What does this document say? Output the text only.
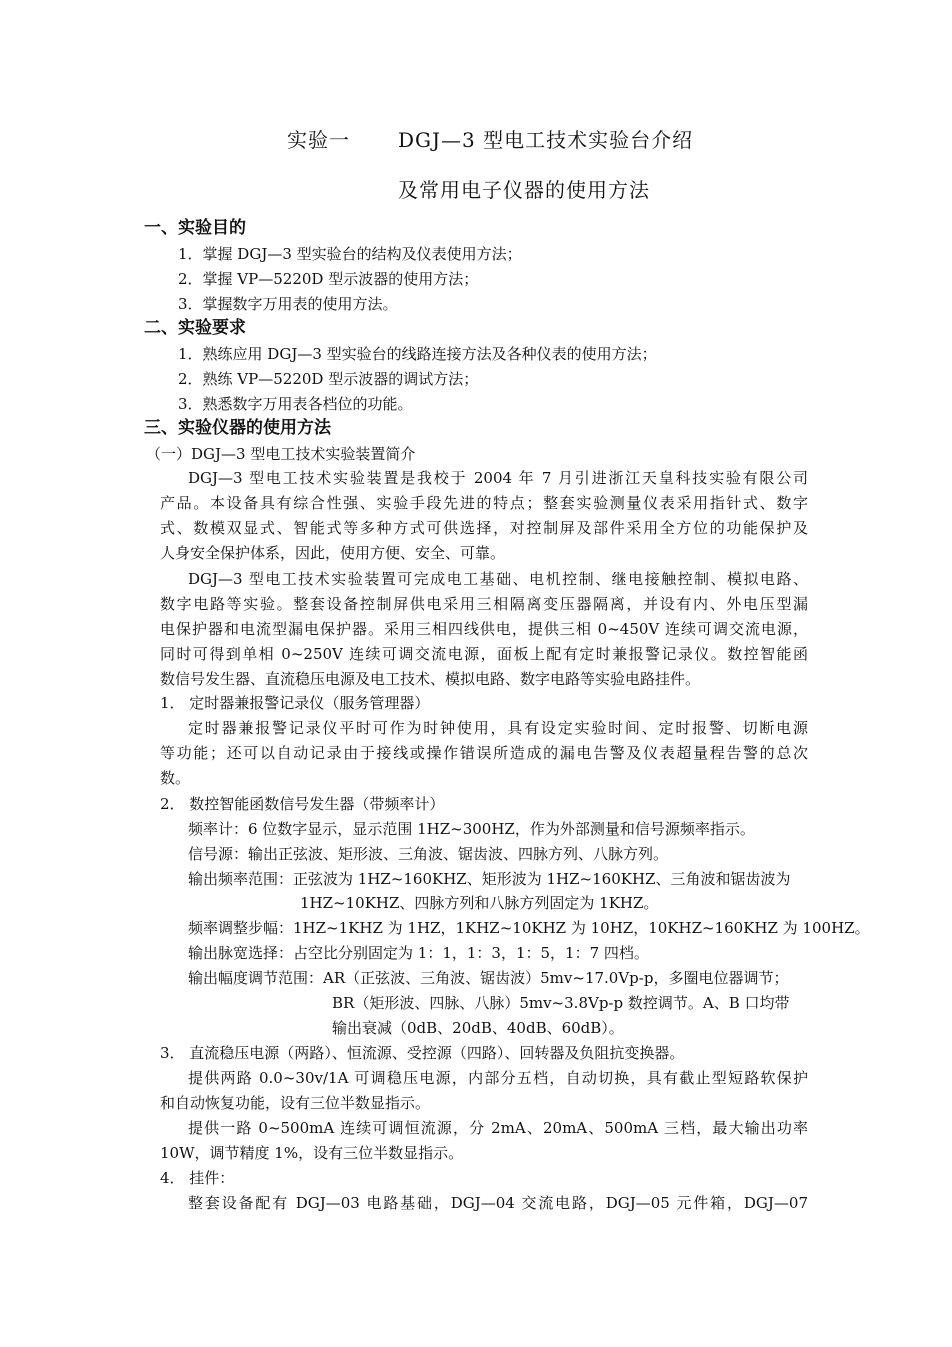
实验一 DGJ—3 型电工技术实验台介绍
及常用电子仪器的使用方法
一、实验目的
1．掌握 DGJ—3 型实验台的结构及仪表使用方法；
2．掌握 VP—5220D 型示波器的使用方法；
3．掌握数字万用表的使用方法。
二、实验要求
1．熟练应用 DGJ—3 型实验台的线路连接方法及各种仪表的使用方法；
2．熟练 VP—5220D 型示波器的调试方法；
3．熟悉数字万用表各档位的功能。
三、实验仪器的使用方法
（一）DGJ—3 型电工技术实验装置简介
DGJ—3 型电工技术实验装置是我校于 2004 年 7 月引进浙江天皇科技实验有限公司
产品。本设备具有综合性强、实验手段先进的特点；整套实验测量仪表采用指针式、数字
式、数模双显式、智能式等多种方式可供选择，对控制屏及部件采用全方位的功能保护及
人身安全保护体系，因此，使用方便、安全、可靠。
DGJ—3 型电工技术实验装置可完成电工基础、电机控制、继电接触控制、模拟电路、
数字电路等实验。整套设备控制屏供电采用三相隔离变压器隔离，并设有内、外电压型漏
电保护器和电流型漏电保护器。采用三相四线供电，提供三相 0~450V 连续可调交流电源，
同时可得到单相 0~250V 连续可调交流电源，面板上配有定时兼报警记录仪。数控智能函
数信号发生器、直流稳压电源及电工技术、模拟电路、数字电路等实验电路挂件。
1． 定时器兼报警记录仪（服务管理器）
定时器兼报警记录仪平时可作为时钟使用，具有设定实验时间、定时报警、切断电源
等功能；还可以自动记录由于接线或操作错误所造成的漏电告警及仪表超量程告警的总次
数。
2． 数控智能函数信号发生器（带频率计）
频率计：6 位数字显示，显示范围 1HZ~300HZ，作为外部测量和信号源频率指示。
信号源：输出正弦波、矩形波、三角波、锯齿波、四脉方列、八脉方列。
输出频率范围：正弦波为 1HZ~160KHZ、矩形波为 1HZ~160KHZ、三角波和锯齿波为
1HZ~10KHZ、四脉方列和八脉方列固定为 1KHZ。
频率调整步幅：1HZ~1KHZ 为 1HZ，1KHZ~10KHZ 为 10HZ，10KHZ~160KHZ 为 100HZ。
输出脉宽选择：占空比分别固定为 1：1，1：3，1：5，1：7 四档。
输出幅度调节范围：AR（正弦波、三角波、锯齿波）5mv~17.0Vp-p，多圈电位器调节；
BR（矩形波、四脉、八脉）5mv~3.8Vp-p 数控调节。A、B 口均带
输出衰减（0dB、20dB、40dB、60dB）。
3． 直流稳压电源（两路）、恒流源、受控源（四路）、回转器及负阻抗变换器。
提供两路 0.0~30v/1A 可调稳压电源，内部分五档，自动切换，具有截止型短路软保护
和自动恢复功能，设有三位半数显指示。
提供一路 0~500mA 连续可调恒流源，分 2mA、20mA、500mA 三档，最大输出功率
10W，调节精度 1%，设有三位半数显指示。
4． 挂件：
整套设备配有 DGJ—03 电路基础，DGJ—04 交流电路，DGJ—05 元件箱，DGJ—07
